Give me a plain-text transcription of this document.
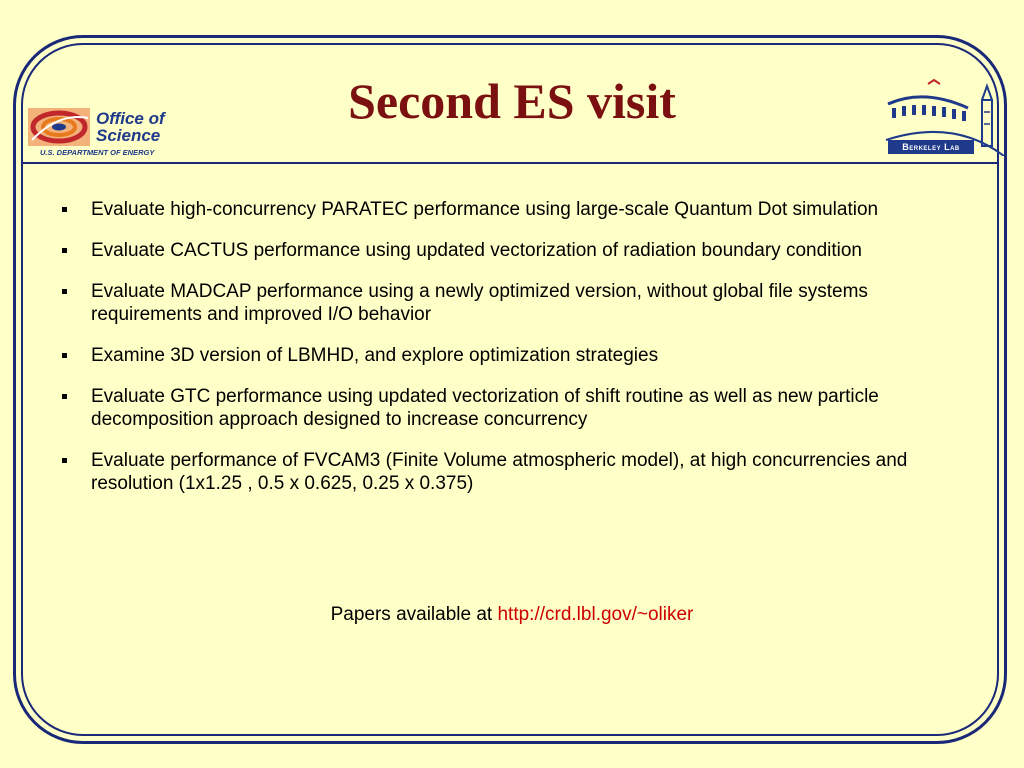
Office of
Science
U.S. DEPARTMENT OF ENERGY
Second ES visit
Berkeley Lab
Evaluate high-concurrency PARATEC performance using large-scale Quantum Dot simulation
Evaluate CACTUS performance using updated vectorization of radiation boundary condition
Evaluate MADCAP performance using a newly optimized version, without global file systems requirements and improved I/O behavior
Examine 3D version of LBMHD, and explore optimization strategies
Evaluate GTC performance using updated vectorization of shift routine as well as new particle decomposition approach designed to increase concurrency
Evaluate performance of FVCAM3 (Finite Volume atmospheric model), at high concurrencies and resolution (1x1.25 , 0.5 x 0.625, 0.25 x 0.375)
Papers available at http://crd.lbl.gov/~oliker
